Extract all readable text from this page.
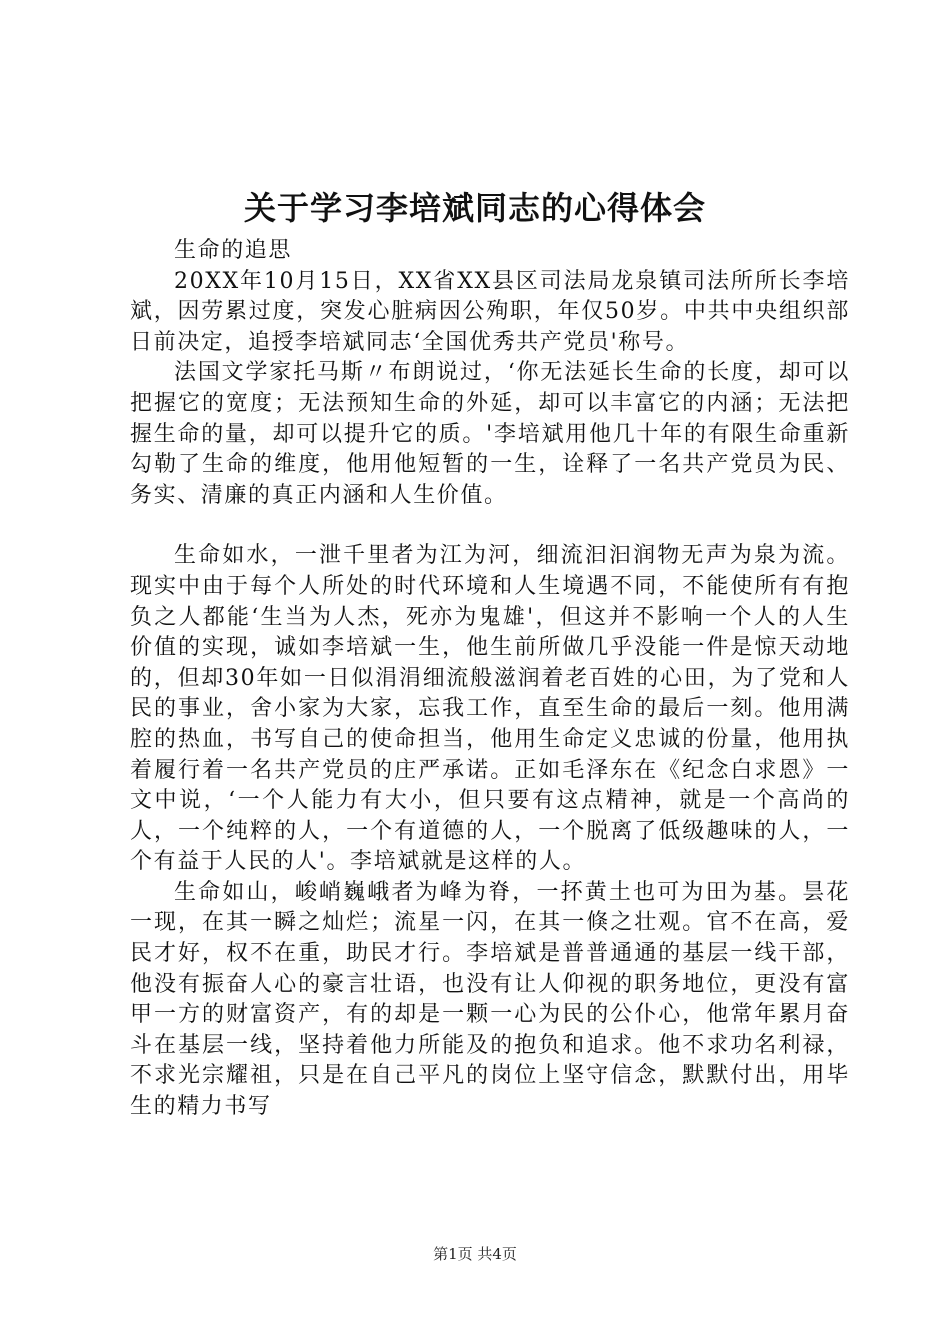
关于学习李培斌同志的心得体会

生命的追思

20XX年10月15日，XX省XX县区司法局龙泉镇司法所所长李培斌，因劳累过度，突发心脏病因公殉职，年仅50岁。中共中央组织部日前决定，追授李培斌同志‘全国优秀共产党员'称号。

法国文学家托马斯〃布朗说过，‘你无法延长生命的长度，却可以把握它的宽度；无法预知生命的外延，却可以丰富它的内涵；无法把握生命的量，却可以提升它的质。'李培斌用他几十年的有限生命重新勾勒了生命的维度，他用他短暂的一生，诠释了一名共产党员为民、务实、清廉的真正内涵和人生价值。

生命如水，一泄千里者为江为河，细流汩汩润物无声为泉为流。现实中由于每个人所处的时代环境和人生境遇不同，不能使所有有抱负之人都能‘生当为人杰，死亦为鬼雄'，但这并不影响一个人的人生价值的实现，诚如李培斌一生，他生前所做几乎没能一件是惊天动地的，但却30年如一日似涓涓细流般滋润着老百姓的心田，为了党和人民的事业，舍小家为大家，忘我工作，直至生命的最后一刻。他用满腔的热血，书写自己的使命担当，他用生命定义忠诚的份量，他用执着履行着一名共产党员的庄严承诺。正如毛泽东在《纪念白求恩》一文中说，‘一个人能力有大小，但只要有这点精神，就是一个高尚的人，一个纯粹的人，一个有道德的人，一个脱离了低级趣味的人，一个有益于人民的人'。李培斌就是这样的人。

生命如山，峻峭巍峨者为峰为脊，一抔黄土也可为田为基。昙花一现，在其一瞬之灿烂；流星一闪，在其一倏之壮观。官不在高，爱民才好，权不在重，助民才行。李培斌是普普通通的基层一线干部，他没有振奋人心的豪言壮语，也没有让人仰视的职务地位，更没有富甲一方的财富资产，有的却是一颗一心为民的公仆心，他常年累月奋斗在基层一线，坚持着他力所能及的抱负和追求。他不求功名利禄，不求光宗耀祖，只是在自己平凡的岗位上坚守信念，默默付出，用毕生的精力书写

第1页 共4页
